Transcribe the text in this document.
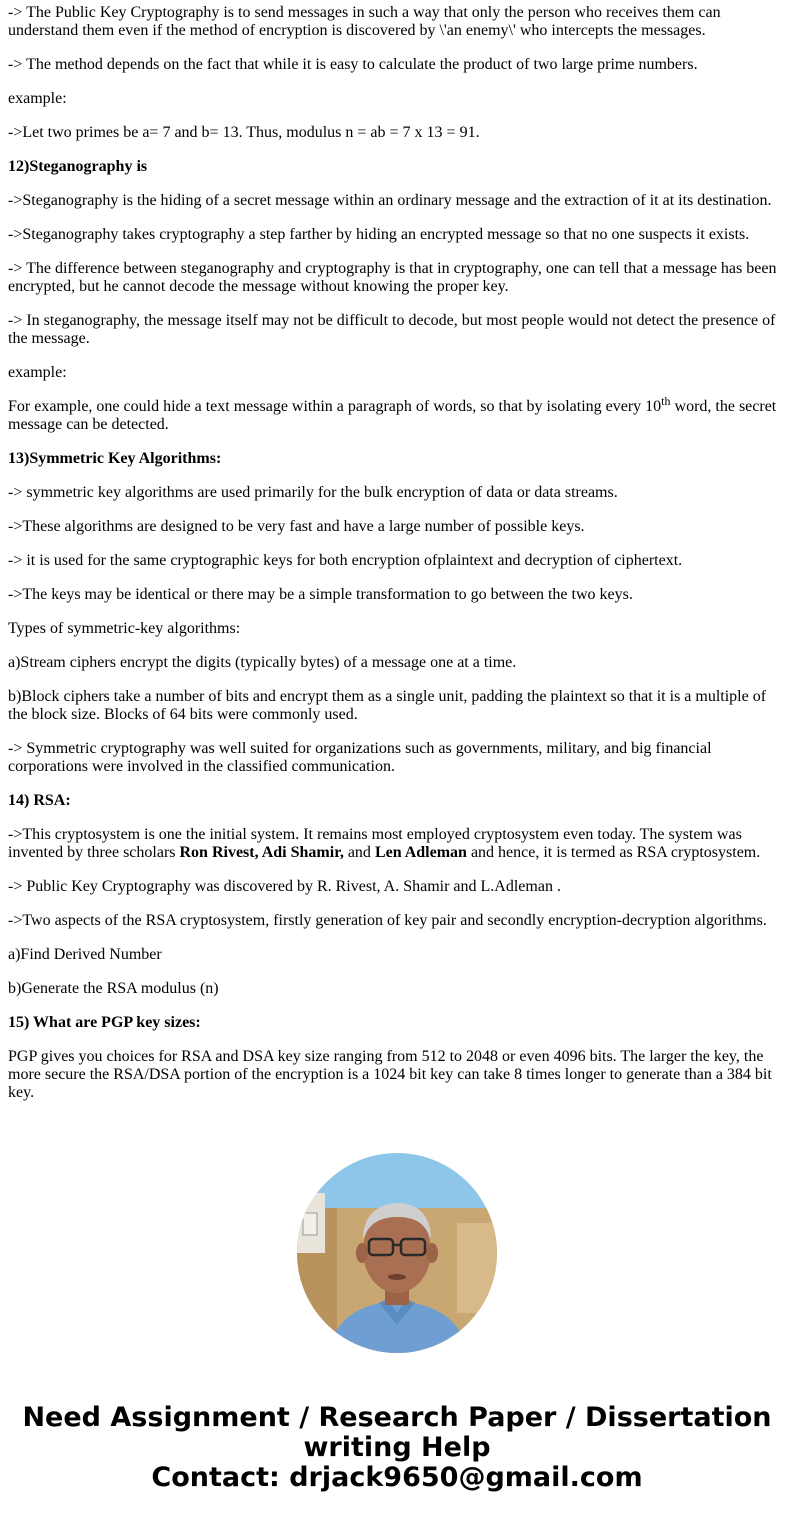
-> The Public Key Cryptography is to send messages in such a way that only the person who receives them can understand them even if the method of encryption is discovered by \'an enemy\' who intercepts the messages.

-> The method depends on the fact that while it is easy to calculate the product of two large prime numbers.

example:

->Let two primes be a= 7 and b= 13. Thus, modulus n = ab = 7 x 13 = 91.

12)Steganography is

->Steganography is the hiding of a secret message within an ordinary message and the extraction of it at its destination.

->Steganography takes cryptography a step farther by hiding an encrypted message so that no one suspects it exists.

-> The difference between steganography and cryptography is that in cryptography, one can tell that a message has been encrypted, but he cannot decode the message without knowing the proper key.

-> In steganography, the message itself may not be difficult to decode, but most people would not detect the presence of the message.

example:

For example, one could hide a text message within a paragraph of words, so that by isolating every 10th word, the secret message can be detected.

13)Symmetric Key Algorithms:

-> symmetric key algorithms are used primarily for the bulk encryption of data or data streams.

->These algorithms are designed to be very fast and have a large number of possible keys.

-> it is used for the same cryptographic keys for both encryption ofplaintext and decryption of ciphertext.

->The keys may be identical or there may be a simple transformation to go between the two keys.

Types of symmetric-key algorithms:

a)Stream ciphers encrypt the digits (typically bytes) of a message one at a time.

b)Block ciphers take a number of bits and encrypt them as a single unit, padding the plaintext so that it is a multiple of the block size. Blocks of 64 bits were commonly used.

-> Symmetric cryptography was well suited for organizations such as governments, military, and big financial corporations were involved in the classified communication.

14) RSA:

->This cryptosystem is one the initial system. It remains most employed cryptosystem even today. The system was invented by three scholars Ron Rivest, Adi Shamir, and Len Adleman and hence, it is termed as RSA cryptosystem.

-> Public Key Cryptography was discovered by R. Rivest, A. Shamir and L.Adleman .

->Two aspects of the RSA cryptosystem, firstly generation of key pair and secondly encryption-decryption algorithms.

a)Find Derived Number

b)Generate the RSA modulus (n)

15) What are PGP key sizes:

PGP gives you choices for RSA and DSA key size ranging from 512 to 2048 or even 4096 bits. The larger the key, the more secure the RSA/DSA portion of the encryption is a 1024 bit key can take 8 times longer to generate than a 384 bit key.

Need Assignment / Research Paper / Dissertation
writing Help
Contact: drjack9650@gmail.com
